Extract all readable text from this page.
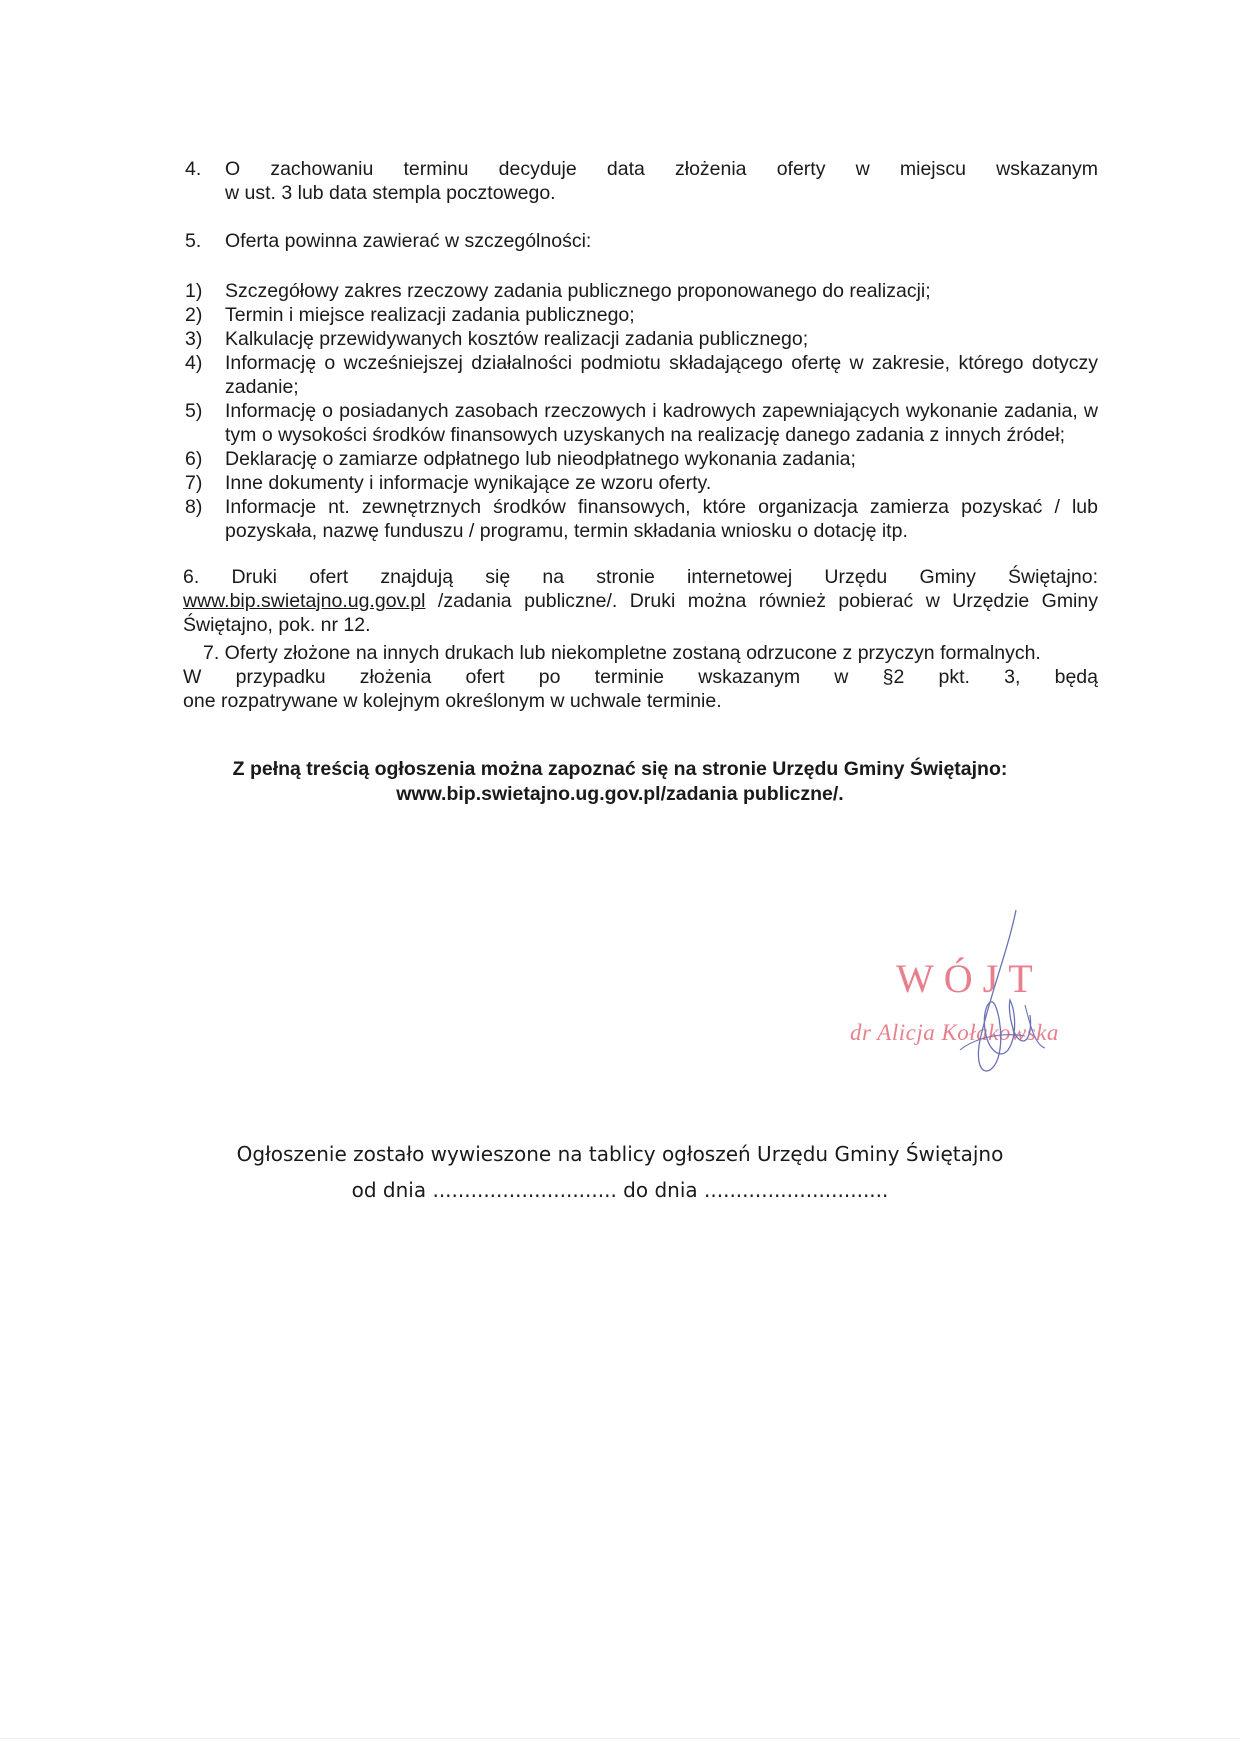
4.	O zachowaniu terminu decyduje data złożenia oferty w miejscu wskazanym
w ust. 3 lub data stempla pocztowego.
5.	Oferta powinna zawierać w szczególności:
1)	Szczegółowy zakres rzeczowy zadania publicznego proponowanego do realizacji;
2)	Termin i miejsce realizacji zadania publicznego;
3)	Kalkulację przewidywanych kosztów realizacji zadania publicznego;
4)	Informację o wcześniejszej działalności podmiotu składającego ofertę w zakresie, którego dotyczy zadanie;
5)	Informację o posiadanych zasobach rzeczowych i kadrowych zapewniających wykonanie zadania, w tym o wysokości środków finansowych uzyskanych na realizację danego zadania z innych źródeł;
6)	Deklarację o zamiarze odpłatnego lub nieodpłatnego wykonania zadania;
7)	Inne dokumenty i informacje wynikające ze wzoru oferty.
8)	Informacje nt. zewnętrznych środków finansowych, które organizacja zamierza pozyskać / lub pozyskała, nazwę funduszu / programu, termin składania wniosku o dotację itp.
6. Druki ofert znajdują się na stronie internetowej Urzędu Gminy Świętajno:
www.bip.swietajno.ug.gov.pl /zadania publiczne/. Druki można również pobierać w Urzędzie Gminy Świętajno, pok. nr 12.
7. Oferty złożone na innych drukach lub niekompletne zostaną odrzucone z przyczyn formalnych.
W przypadku złożenia ofert po terminie wskazanym w §2 pkt. 3, będą
one rozpatrywane w kolejnym określonym w uchwale terminie.
Z pełną treścią ogłoszenia można zapoznać się na stronie Urzędu Gminy Świętajno:
www.bip.swietajno.ug.gov.pl/zadania publiczne/.
WÓJT
dr Alicja Kołakowska
Ogłoszenie zostało wywieszone na tablicy ogłoszeń Urzędu Gminy Świętajno
od dnia ............................. do dnia .............................
